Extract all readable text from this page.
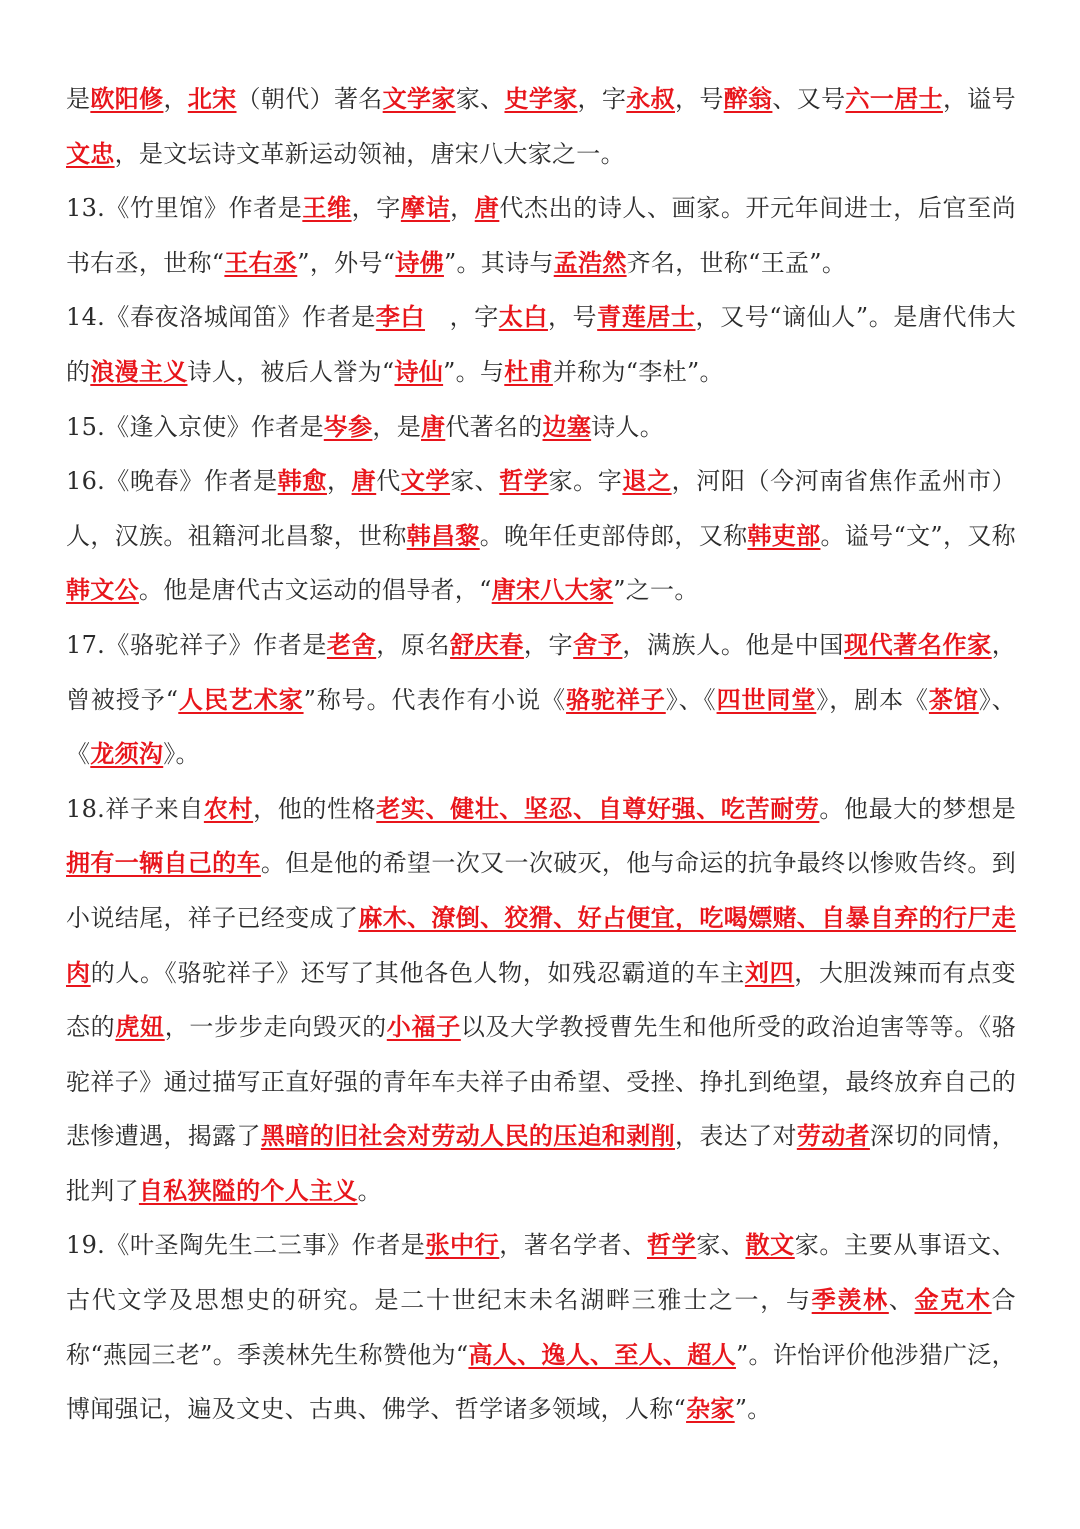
是欧阳修，北宋（朝代）著名文学家家、史学家，字永叔，号醉翁、又号六一居士，谥号文忠，是文坛诗文革新运动领袖，唐宋八大家之一。

13.《竹里馆》作者是王维，字摩诘，唐代杰出的诗人、画家。开元年间进士，后官至尚书右丞，世称“王右丞”，外号“诗佛”。其诗与孟浩然齐名，世称“王孟”。

14.《春夜洛城闻笛》作者是李白　，字太白，号青莲居士，又号“谪仙人”。是唐代伟大的浪漫主义诗人，被后人誉为“诗仙”。与杜甫并称为“李杜”。

15.《逢入京使》作者是岑参，是唐代著名的边塞诗人。

16.《晚春》作者是韩愈，唐代文学家、哲学家。字退之，河阳（今河南省焦作孟州市）人，汉族。祖籍河北昌黎，世称韩昌黎。晚年任吏部侍郎，又称韩吏部。谥号“文”，又称韩文公。他是唐代古文运动的倡导者，“唐宋八大家”之一。

17.《骆驼祥子》作者是老舍，原名舒庆春，字舍予，满族人。他是中国现代著名作家，曾被授予“人民艺术家”称号。代表作有小说《骆驼祥子》、《四世同堂》，剧本《茶馆》、《龙须沟》。

18.祥子来自农村，他的性格老实、健壮、坚忍、自尊好强、吃苦耐劳。他最大的梦想是拥有一辆自己的车。但是他的希望一次又一次破灭，他与命运的抗争最终以惨败告终。到小说结尾，祥子已经变成了麻木、潦倒、狡猾、好占便宜，吃喝嫖赌、自暴自弃的行尸走肉的人。《骆驼祥子》还写了其他各色人物，如残忍霸道的车主刘四，大胆泼辣而有点变态的虎妞，一步步走向毁灭的小福子以及大学教授曹先生和他所受的政治迫害等等。《骆驼祥子》通过描写正直好强的青年车夫祥子由希望、受挫、挣扎到绝望，最终放弃自己的悲惨遭遇，揭露了黑暗的旧社会对劳动人民的压迫和剥削，表达了对劳动者深切的同情，批判了自私狭隘的个人主义。

19.《叶圣陶先生二三事》作者是张中行，著名学者、哲学家、散文家。主要从事语文、古代文学及思想史的研究。是二十世纪末未名湖畔三雅士之一，与季羡林、金克木合称“燕园三老”。季羡林先生称赞他为“高人、逸人、至人、超人”。许怡评价他涉猎广泛，博闻强记，遍及文史、古典、佛学、哲学诸多领域，人称“杂家”。
